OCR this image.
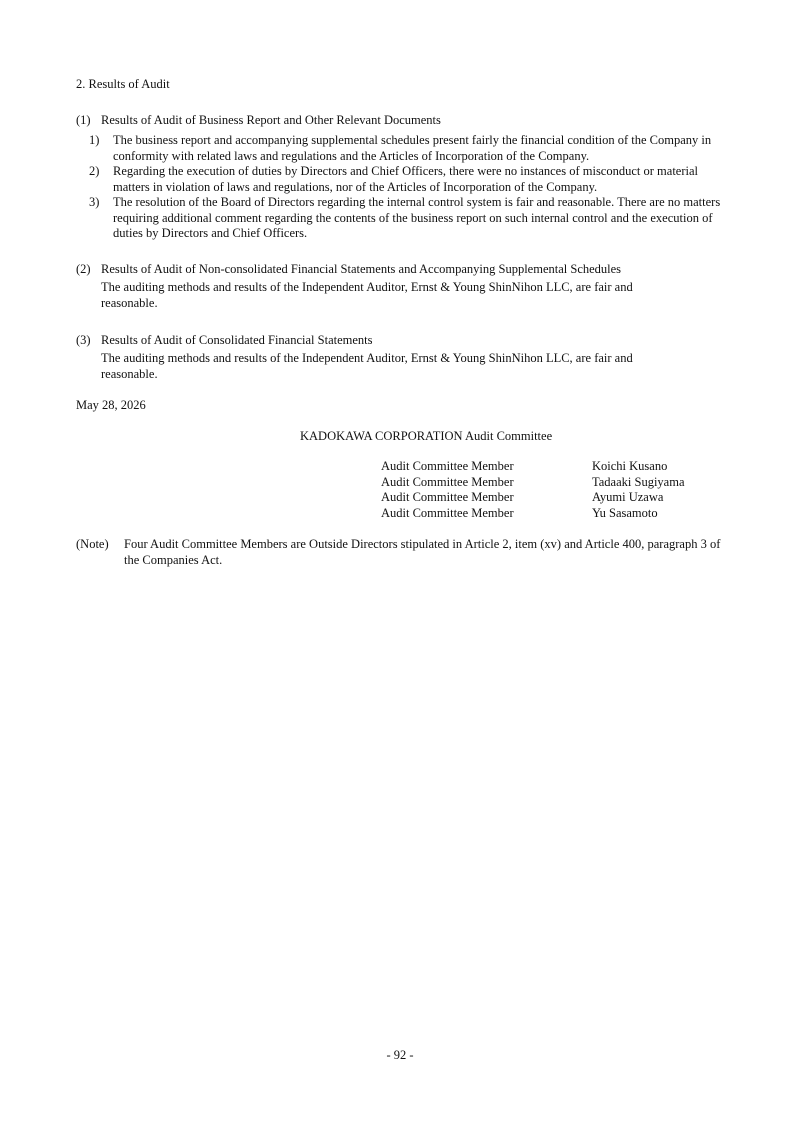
2. Results of Audit
(1) Results of Audit of Business Report and Other Relevant Documents
1) The business report and accompanying supplemental schedules present fairly the financial condition of the Company in conformity with related laws and regulations and the Articles of Incorporation of the Company.
2) Regarding the execution of duties by Directors and Chief Officers, there were no instances of misconduct or material matters in violation of laws and regulations, nor of the Articles of Incorporation of the Company.
3) The resolution of the Board of Directors regarding the internal control system is fair and reasonable. There are no matters requiring additional comment regarding the contents of the business report on such internal control and the execution of duties by Directors and Chief Officers.
(2) Results of Audit of Non-consolidated Financial Statements and Accompanying Supplemental Schedules
The auditing methods and results of the Independent Auditor, Ernst & Young ShinNihon LLC, are fair and reasonable.
(3) Results of Audit of Consolidated Financial Statements
The auditing methods and results of the Independent Auditor, Ernst & Young ShinNihon LLC, are fair and reasonable.
May 28, 2026
KADOKAWA CORPORATION Audit Committee
Audit Committee Member	Koichi Kusano
Audit Committee Member	Tadaaki Sugiyama
Audit Committee Member	Ayumi Uzawa
Audit Committee Member	Yu Sasamoto
(Note) Four Audit Committee Members are Outside Directors stipulated in Article 2, item (xv) and Article 400, paragraph 3 of the Companies Act.
- 92 -
